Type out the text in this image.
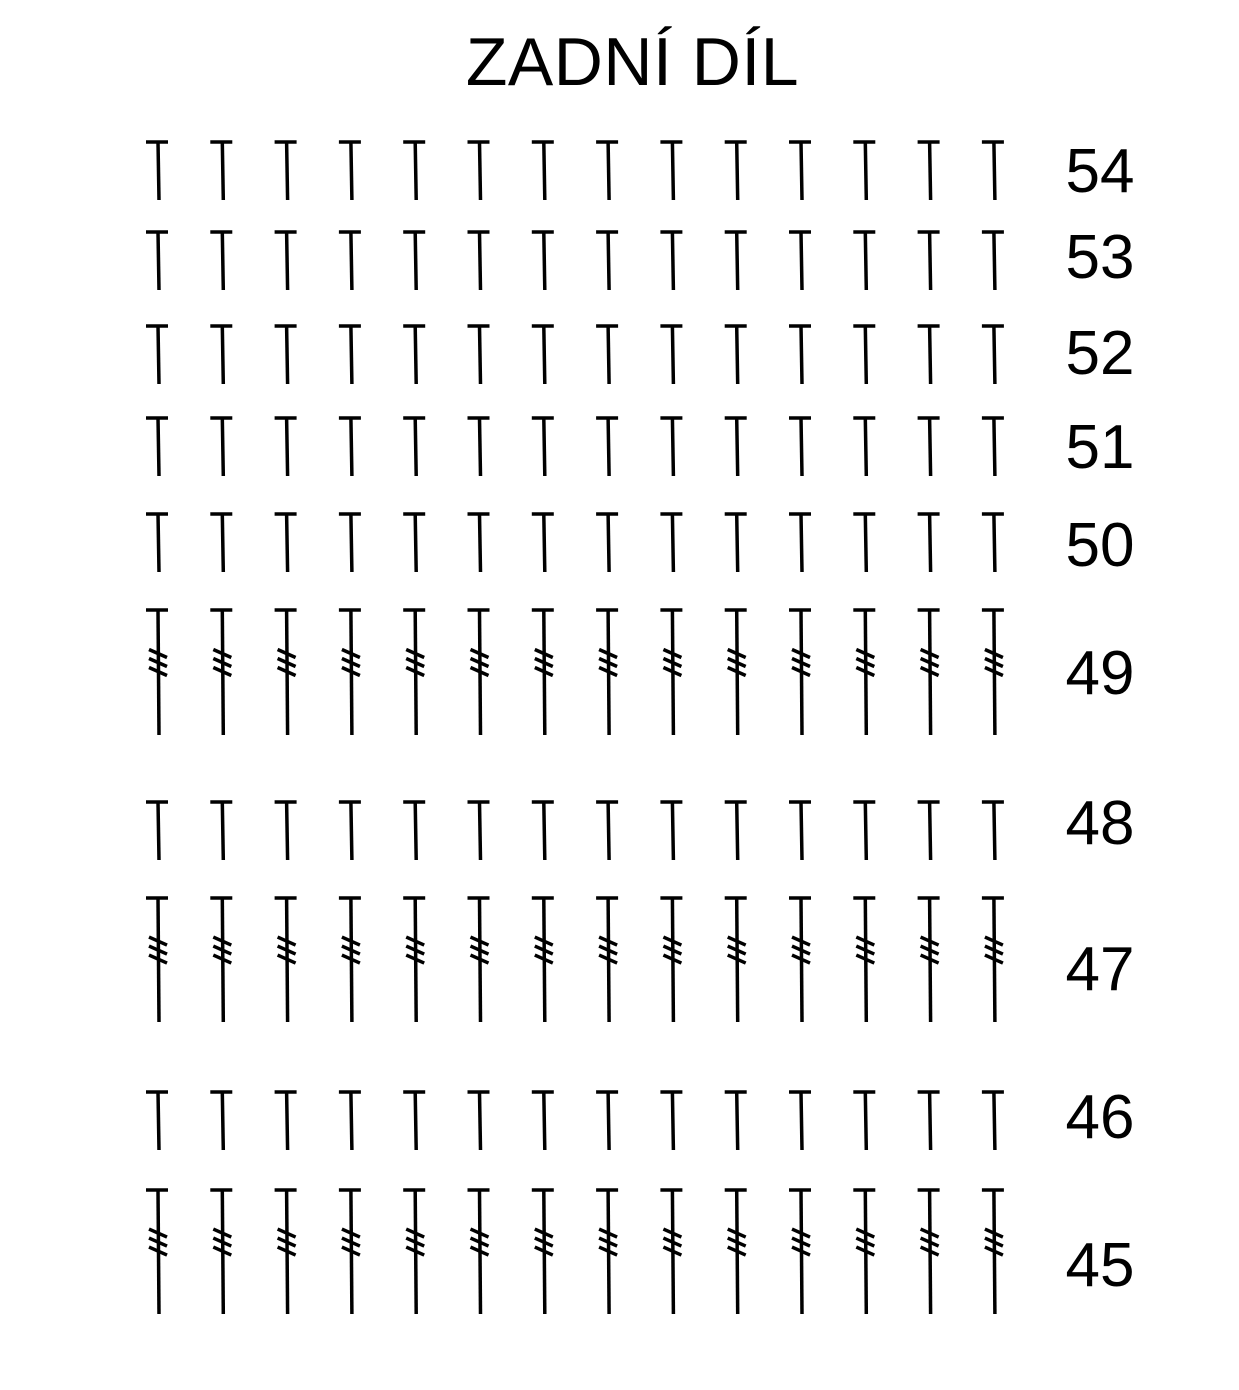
ZADNÍ DÍL
54
53
52
51
50
49
48
47
46
45
